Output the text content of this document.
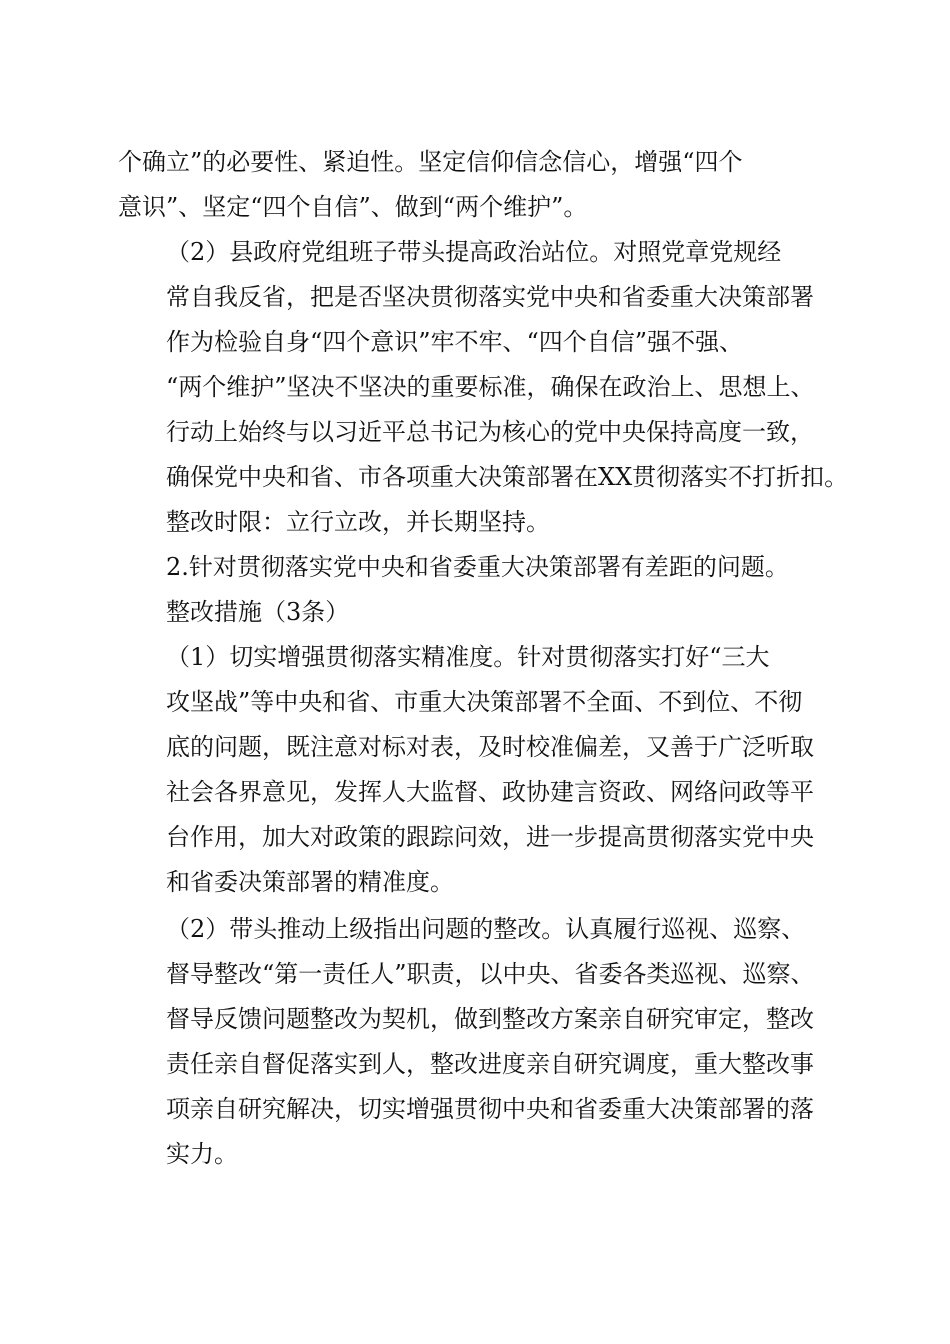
个确立”的必要性、紧迫性。坚定信仰信念信心，增强“四个
意识”、坚定“四个自信”、做到“两个维护”。

（2）县政府党组班子带头提高政治站位。对照党章党规经
常自我反省，把是否坚决贯彻落实党中央和省委重大决策部署
作为检验自身“四个意识”牢不牢、“四个自信”强不强、
“两个维护”坚决不坚决的重要标准，确保在政治上、思想上、
行动上始终与以习近平总书记为核心的党中央保持高度一致，
确保党中央和省、市各项重大决策部署在XX贯彻落实不打折扣。

整改时限：立行立改，并长期坚持。

2.针对贯彻落实党中央和省委重大决策部署有差距的问题。

整改措施（3条）

（1）切实增强贯彻落实精准度。针对贯彻落实打好“三大
攻坚战”等中央和省、市重大决策部署不全面、不到位、不彻
底的问题，既注意对标对表，及时校准偏差，又善于广泛听取
社会各界意见，发挥人大监督、政协建言资政、网络问政等平
台作用，加大对政策的跟踪问效，进一步提高贯彻落实党中央
和省委决策部署的精准度。

（2）带头推动上级指出问题的整改。认真履行巡视、巡察、
督导整改“第一责任人”职责，以中央、省委各类巡视、巡察、
督导反馈问题整改为契机，做到整改方案亲自研究审定，整改
责任亲自督促落实到人，整改进度亲自研究调度，重大整改事
项亲自研究解决，切实增强贯彻中央和省委重大决策部署的落
实力。
